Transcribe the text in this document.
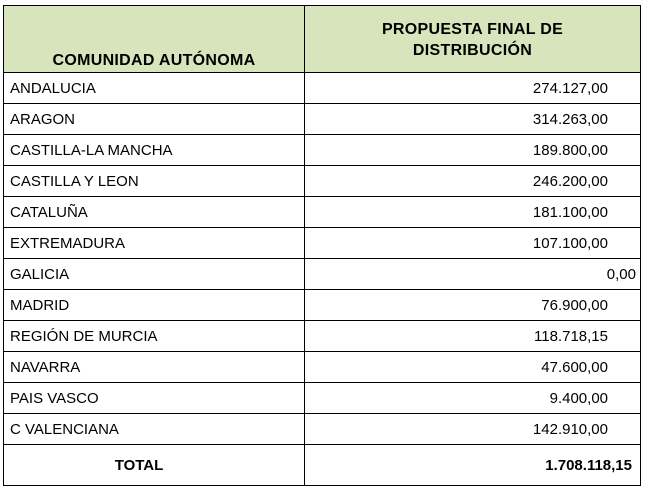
COMUNIDAD AUTÓNOMA	PROPUESTA FINAL DE
DISTRIBUCIÓN

ANDALUCIA	274.127,00
ARAGON	314.263,00
CASTILLA-LA MANCHA	189.800,00
CASTILLA Y LEON	246.200,00
CATALUÑA	181.100,00
EXTREMADURA	107.100,00
GALICIA	0,00
MADRID	76.900,00
REGIÓN DE MURCIA	118.718,15
NAVARRA	47.600,00
PAIS VASCO	9.400,00
C VALENCIANA	142.910,00
TOTAL	1.708.118,15
